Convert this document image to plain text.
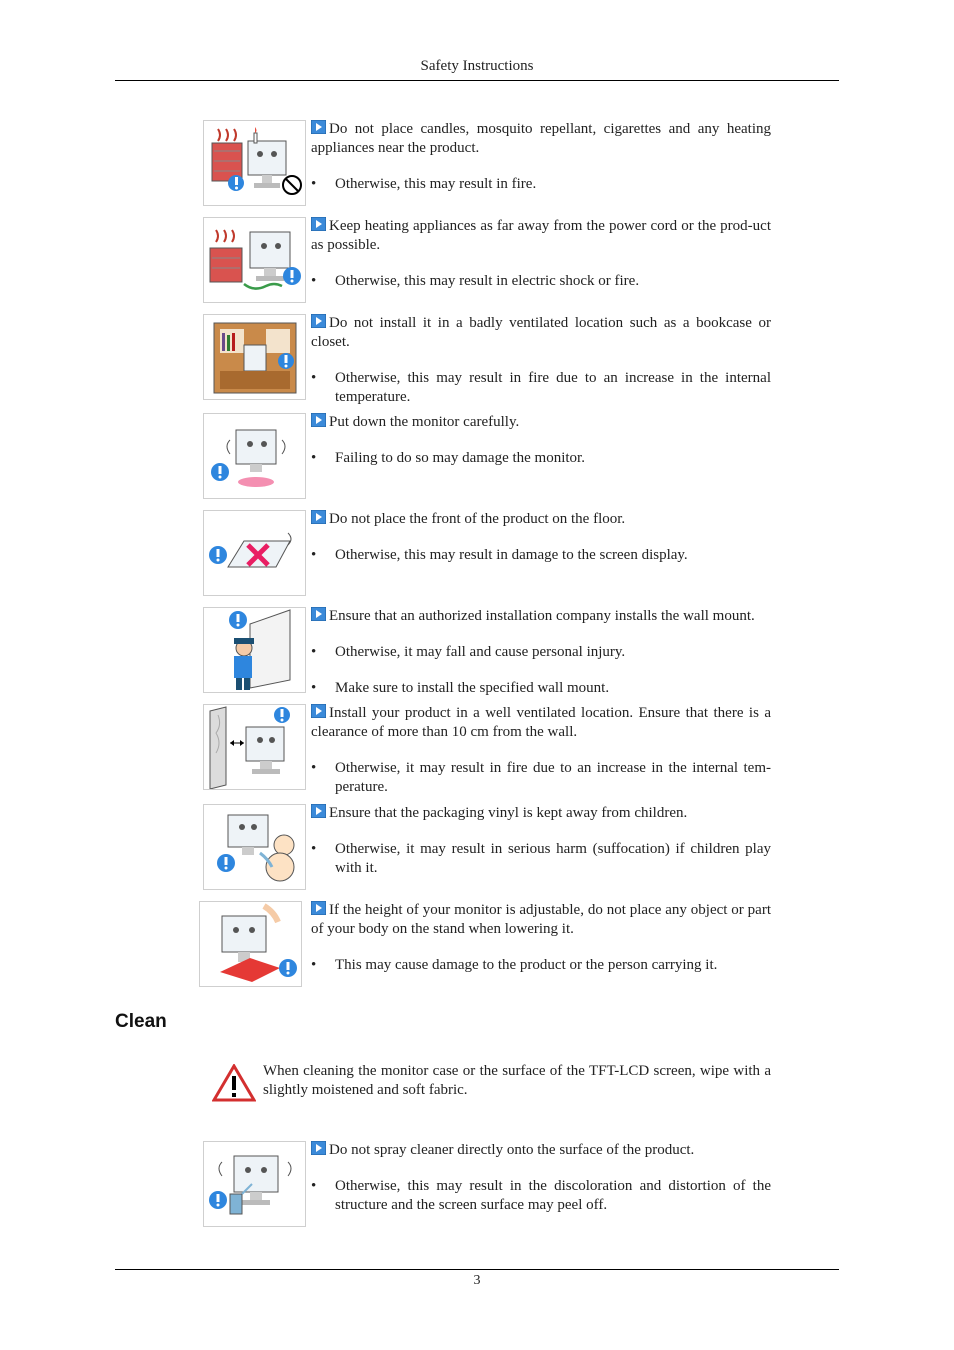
Safety Instructions

Do not place candles, mosquito repellant, cigarettes and any heating appliances near the product.

• Otherwise, this may result in fire.

Keep heating appliances as far away from the power cord or the prod-uct as possible.

• Otherwise, this may result in electric shock or fire.

Do not install it in a badly ventilated location such as a bookcase or closet.

• Otherwise, this may result in fire due to an increase in the internal temperature.

Put down the monitor carefully.

• Failing to do so may damage the monitor.

Do not place the front of the product on the floor.

• Otherwise, this may result in damage to the screen display.

Ensure that an authorized installation company installs the wall mount.

• Otherwise, it may fall and cause personal injury.
• Make sure to install the specified wall mount.

Install your product in a well ventilated location. Ensure that there is a clearance of more than 10 cm from the wall.

• Otherwise, it may result in fire due to an increase in the internal tem-perature.

Ensure that the packaging vinyl is kept away from children.

• Otherwise, it may result in serious harm (suffocation) if children play with it.

If the height of your monitor is adjustable, do not place any object or part of your body on the stand when lowering it.

• This may cause damage to the product or the person carrying it.
Clean
When cleaning the monitor case or the surface of the TFT-LCD screen, wipe with a slightly moistened and soft fabric.

Do not spray cleaner directly onto the surface of the product.

• Otherwise, this may result in the discoloration and distortion of the structure and the screen surface may peel off.
3
